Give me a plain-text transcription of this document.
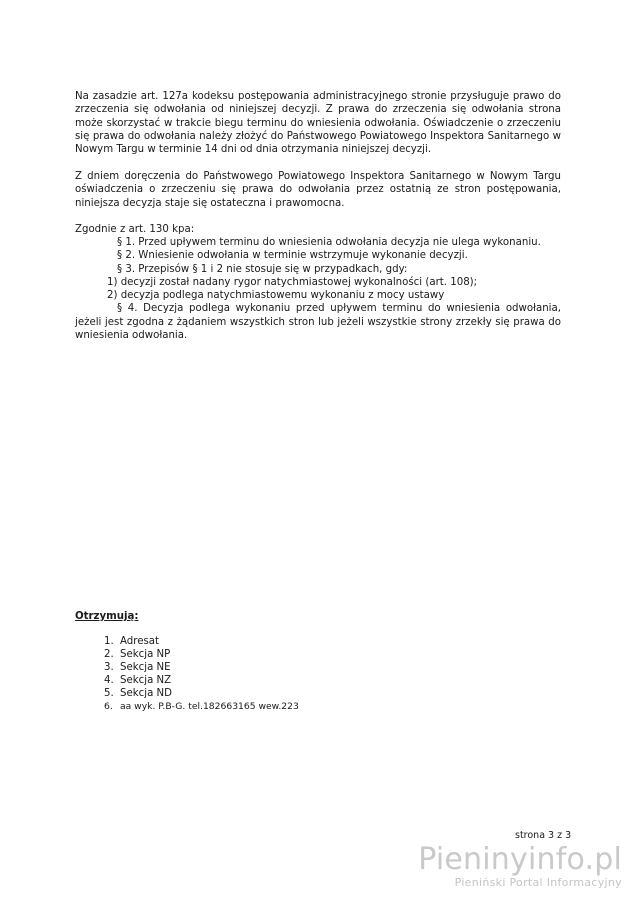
Na zasadzie art. 127a kodeksu postępowania administracyjnego stronie przysługuje prawo do zrzeczenia się odwołania od niniejszej decyzji. Z prawa do zrzeczenia się odwołania strona może skorzystać w trakcie biegu terminu do wniesienia odwołania. Oświadczenie o zrzeczeniu się prawa do odwołania należy złożyć do Państwowego Powiatowego Inspektora Sanitarnego w Nowym Targu w terminie 14 dni od dnia otrzymania niniejszej decyzji.
Z dniem doręczenia do Państwowego Powiatowego Inspektora Sanitarnego w Nowym Targu oświadczenia o zrzeczeniu się prawa do odwołania przez ostatnią ze stron postępowania, niniejsza decyzja staje się ostateczna i prawomocna.
Zgodnie z art. 130 kpa:
§ 1. Przed upływem terminu do wniesienia odwołania decyzja nie ulega wykonaniu.
§ 2. Wniesienie odwołania w terminie wstrzymuje wykonanie decyzji.
§ 3. Przepisów § 1 i 2 nie stosuje się w przypadkach, gdy:
1) decyzji został nadany rygor natychmiastowej wykonalności (art. 108);
2) decyzja podlega natychmiastowemu wykonaniu z mocy ustawy
§ 4. Decyzja podlega wykonaniu przed upływem terminu do wniesienia odwołania, jeżeli jest zgodna z żądaniem wszystkich stron lub jeżeli wszystkie strony zrzekły się prawa do wniesienia odwołania.
Otrzymują:
1. Adresat
2. Sekcja NP
3. Sekcja NE
4. Sekcja NZ
5. Sekcja ND
6. aa wyk. P.B-G. tel.182663165 wew.223
strona 3 z 3
Pieninyinfo.pl
Pieniński Portal Informacyjny
